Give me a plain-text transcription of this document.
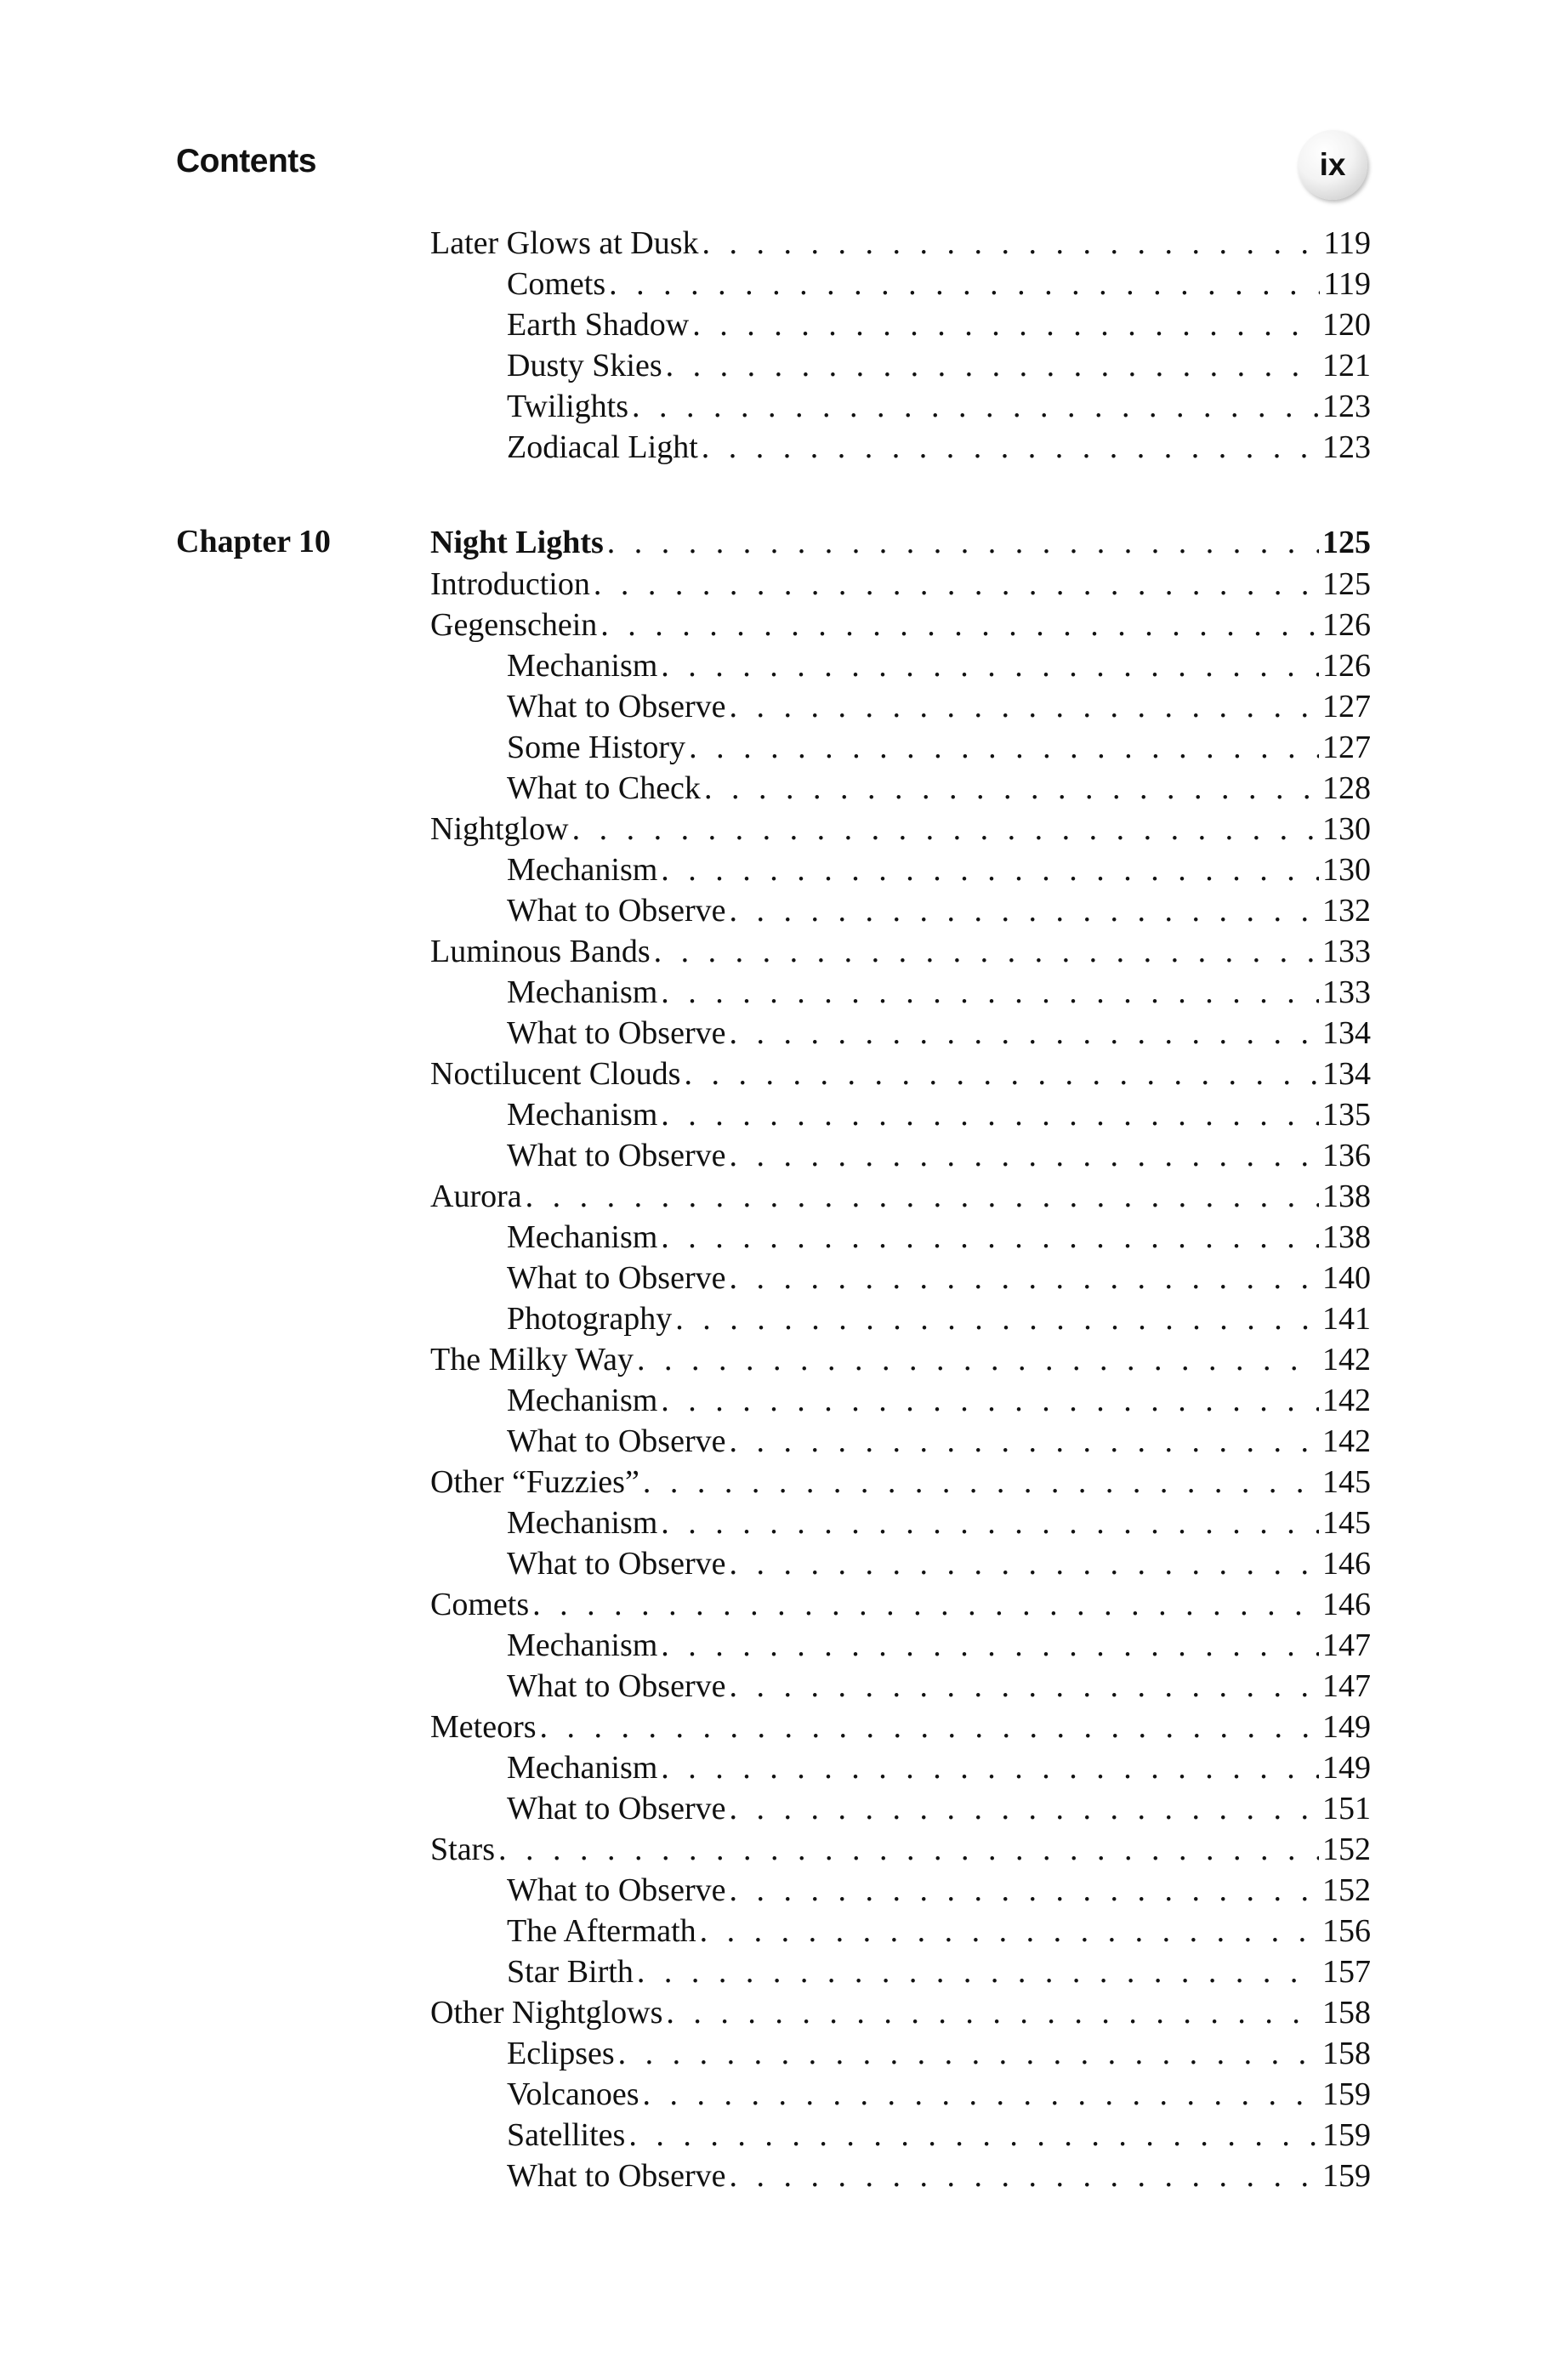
Contents	ix
Later Glows at Dusk . . .	119
Comets . . .	119
Earth Shadow . . .	120
Dusty Skies . . .	121
Twilights . . .	123
Zodiacal Light . . .	123
Chapter 10	Night Lights . . .	125
Introduction . . .	125
Gegenschein . . .	126
Mechanism . . .	126
What to Observe . . .	127
Some History . . .	127
What to Check . . .	128
Nightglow . . .	130
Mechanism . . .	130
What to Observe . . .	132
Luminous Bands . . .	133
Mechanism . . .	133
What to Observe . . .	134
Noctilucent Clouds . . .	134
Mechanism . . .	135
What to Observe . . .	136
Aurora . . .	138
Mechanism . . .	138
What to Observe . . .	140
Photography . . .	141
The Milky Way . . .	142
Mechanism . . .	142
What to Observe . . .	142
Other “Fuzzies” . . .	145
Mechanism . . .	145
What to Observe . . .	146
Comets . . .	146
Mechanism . . .	147
What to Observe . . .	147
Meteors . . .	149
Mechanism . . .	149
What to Observe . . .	151
Stars . . .	152
What to Observe . . .	152
The Aftermath . . .	156
Star Birth . . .	157
Other Nightglows . . .	158
Eclipses . . .	158
Volcanoes . . .	159
Satellites . . .	159
What to Observe . . .	159
